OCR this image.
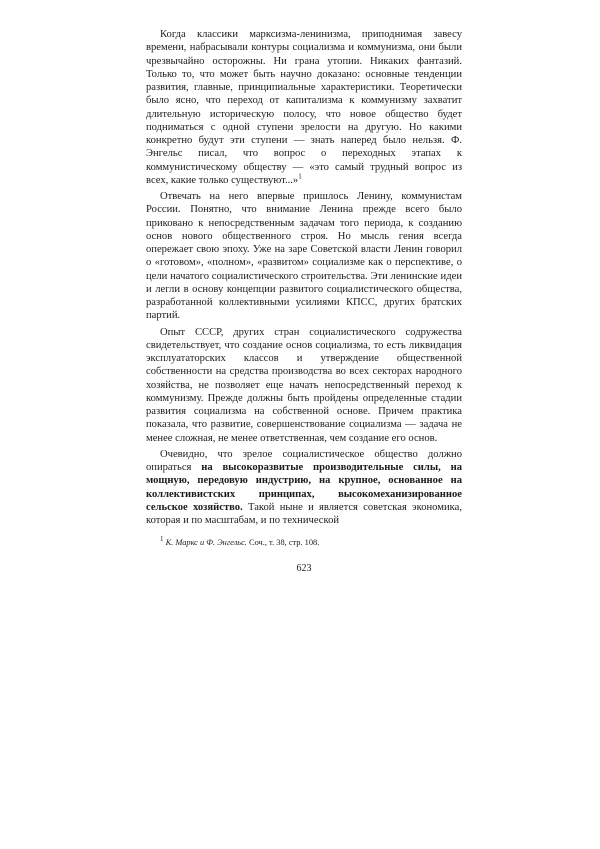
Когда классики марксизма-ленинизма, приподнимая завесу времени, набрасывали контуры социализма и коммунизма, они были чрезвычайно осторожны. Ни грана утопии. Никаких фантазий. Только то, что может быть научно доказано: основные тенденции развития, главные, принципиальные характеристики. Теоретически было ясно, что переход от капитализма к коммунизму захватит длительную историческую полосу, что новое общество будет подниматься с одной ступени зрелости на другую. Но какими конкретно будут эти ступени — знать наперед было нельзя. Ф. Энгельс писал, что вопрос о переходных этапах к коммунистическому обществу — «это самый трудный вопрос из всех, какие только существуют...»$^1$

Отвечать на него впервые пришлось Ленину, коммунистам России. Понятно, что внимание Ленина прежде всего было приковано к непосредственным задачам того периода, к созданию основ нового общественного строя. Но мысль гения всегда опережает свою эпоху. Уже на заре Советской власти Ленин говорил о «готовом», «полном», «развитом» социализме как о перспективе, о цели начатого социалистического строительства. Эти ленинские идеи и легли в основу концепции развитого социалистического общества, разработанной коллективными усилиями КПСС, других братских партий.

Опыт СССР, других стран социалистического содружества свидетельствует, что создание основ социализма, то есть ликвидация эксплуататорских классов и утверждение общественной собственности на средства производства во всех секторах народного хозяйства, не позволяет еще начать непосредственный переход к коммунизму. Прежде должны быть пройдены определенные стадии развития социализма на собственной основе. Причем практика показала, что развитие, совершенствование социализма — задача не менее сложная, не менее ответственная, чем создание его основ.

Очевидно, что зрелое социалистическое общество должно опираться на высокоразвитые производительные силы, на мощную, передовую индустрию, на крупное, основанное на коллективистских принципах, высокомеханизированное сельское хозяйство. Такой ныне и является советская экономика, которая и по масштабам, и по технической

$^1$ К. Маркс и Ф. Энгельс. Соч., т. 38, стр. 108.

623
